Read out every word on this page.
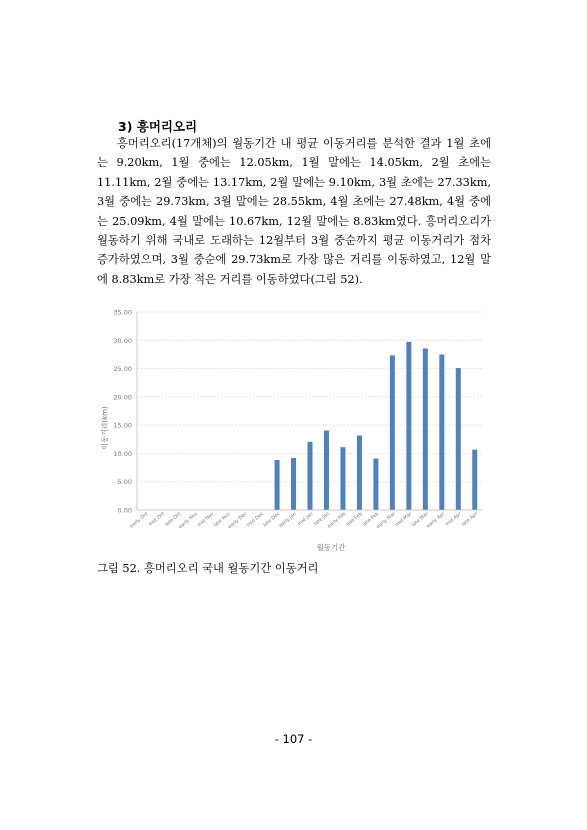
3) 흥머리오리

흥머리오리(17개체)의 월동기간 내 평균 이동거리를 분석한 결과 1월 초에는 9.20km, 1월 중에는 12.05km, 1월 말에는 14.05km, 2월 초에는 11.11km, 2월 중에는 13.17km, 2월 말에는 9.10km, 3월 초에는 27.33km, 3월 중에는 29.73km, 3월 말에는 28.55km, 4월 초에는 27.48km, 4월 중에는 25.09km, 4월 말에는 10.67km, 12월 말에는 8.83km였다. 흥머리오리가 월동하기 위해 국내로 도래하는 12월부터 3월 중순까지 평균 이동거리가 점차 증가하였으며, 3월 중순에 29.73km로 가장 많은 거리를 이동하였고, 12월 말에 8.83km로 가장 적은 거리를 이동하였다(그림 52).

0.00
5.00
10.00
15.00
20.00
25.00
30.00
35.00
early Oct
mid Oct
late Oct
early Nov
mid Nov
late Nov
early Dec
mid Dec
late Dec
early Jan mid Jan late Jan
early Feb
mid Feb
late Feb
early Mar
mid Mar
late Mar
early Apr
mid Apr
late Apr
이동거리(km)
월동기간
그림 52. 흥머리오리 국내 월동기간 이동거리
- 107 -
